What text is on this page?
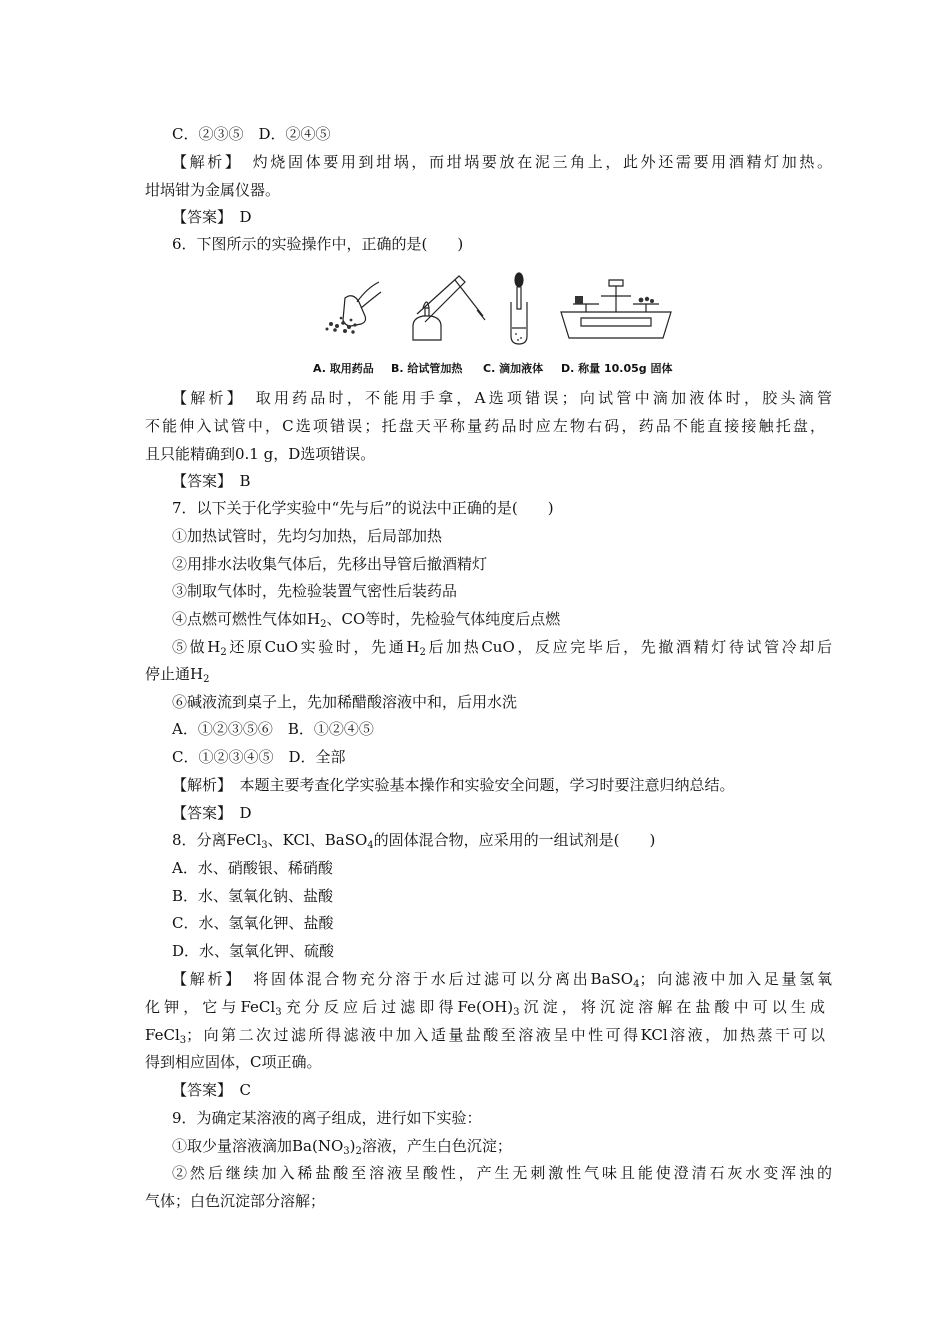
C．②③⑤　D．②④⑤
【解析】　灼烧固体要用到坩埚，而坩埚要放在泥三角上，此外还需要用酒精灯加热。
坩埚钳为金属仪器。
【答案】　D
6．下图所示的实验操作中，正确的是(　　)
A. 取用药品 B. 给试管加热 C. 滴加液体 D. 称量 10.05g 固体
【解析】　取用药品时，不能用手拿，A选项错误；向试管中滴加液体时，胶头滴管
不能伸入试管中，C选项错误；托盘天平称量药品时应左物右码，药品不能直接接触托盘，
且只能精确到0.1 g，D选项错误。
【答案】　B
7．以下关于化学实验中“先与后”的说法中正确的是(　　)
①加热试管时，先均匀加热，后局部加热
②用排水法收集气体后，先移出导管后撤酒精灯
③制取气体时，先检验装置气密性后装药品
④点燃可燃性气体如$H_2$、CO等时，先检验气体纯度后点燃
⑤做$H_2$还原CuO实验时，先通$H_2$后加热CuO，反应完毕后，先撤酒精灯待试管冷却后
停止通$H_2$
⑥碱液流到桌子上，先加稀醋酸溶液中和，后用水洗
A．①②③⑤⑥　B．①②④⑤
C．①②③④⑤　D．全部
【解析】　本题主要考查化学实验基本操作和实验安全问题，学习时要注意归纳总结。
【答案】　D
8．分离FeCl$_3$、KCl、BaSO$_4$的固体混合物，应采用的一组试剂是(　　)
A．水、硝酸银、稀硝酸
B．水、氢氧化钠、盐酸
C．水、氢氧化钾、盐酸
D．水、氢氧化钾、硫酸
【解析】　将固体混合物充分溶于水后过滤可以分离出BaSO$_4$；向滤液中加入足量氢氧
化钾，它与FeCl$_3$充分反应后过滤即得$Fe(OH)_3$沉淀，将沉淀溶解在盐酸中可以生成
FeCl$_3$；向第二次过滤所得滤液中加入适量盐酸至溶液呈中性可得KCl溶液，加热蒸干可以
得到相应固体，C项正确。
【答案】　C
9．为确定某溶液的离子组成，进行如下实验：
①取少量溶液滴加$Ba(NO_3)_2$溶液，产生白色沉淀；
②然后继续加入稀盐酸至溶液呈酸性，产生无刺激性气味且能使澄清石灰水变浑浊的
气体；白色沉淀部分溶解；
